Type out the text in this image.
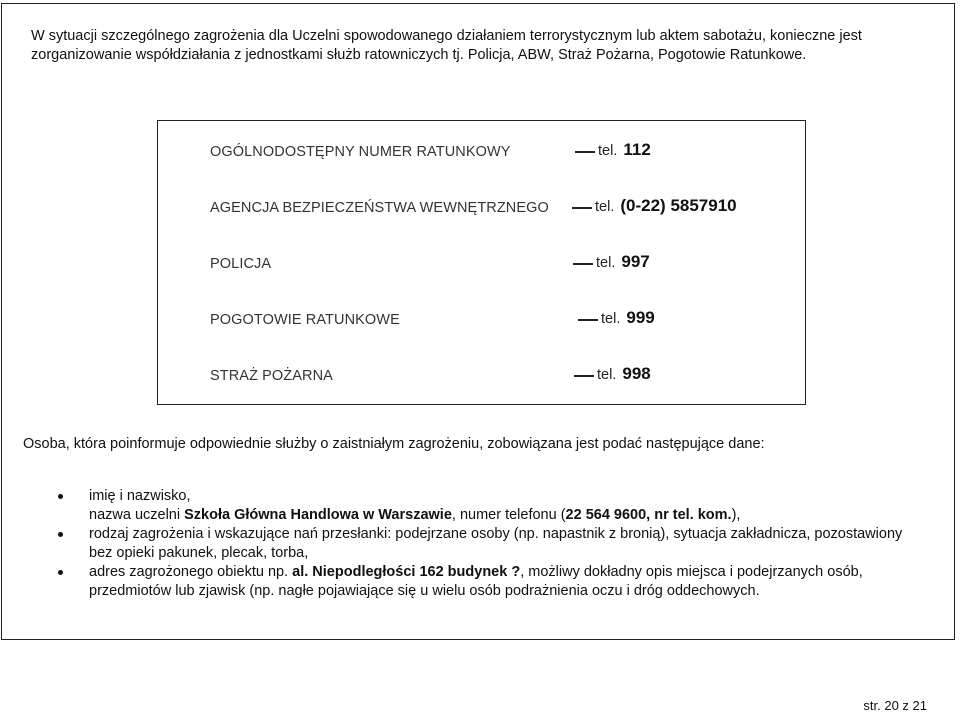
W sytuacji szczególnego zagrożenia dla Uczelni spowodowanego działaniem terrorystycznym lub aktem sabotażu, konieczne jest zorganizowanie współdziałania z jednostkami służb ratowniczych tj. Policja, ABW, Straż Pożarna, Pogotowie Ratunkowe.
OGÓLNODOSTĘPNY NUMER RATUNKOWY	tel. 112
AGENCJA BEZPIECZEŃSTWA WEWNĘTRZNEGO	tel. (0-22) 5857910
POLICJA	tel. 997
POGOTOWIE RATUNKOWE	tel. 999
STRAŻ POŻARNA	tel. 998
Osoba, która poinformuje odpowiednie służby o zaistniałym zagrożeniu, zobowiązana jest podać następujące dane:
imię i nazwisko,
nazwa uczelni Szkoła Główna Handlowa w Warszawie, numer telefonu (22 564 9600, nr tel. kom.),
rodzaj zagrożenia i wskazujące nań przesłanki: podejrzane osoby (np. napastnik z bronią), sytuacja zakładnicza, pozostawiony bez opieki pakunek, plecak, torba,
adres zagrożonego obiektu np. al. Niepodległości 162 budynek ?, możliwy dokładny opis miejsca i podejrzanych osób, przedmiotów lub zjawisk (np. nagłe pojawiające się u wielu osób podrażnienia oczu i dróg oddechowych.
str. 20 z 21
